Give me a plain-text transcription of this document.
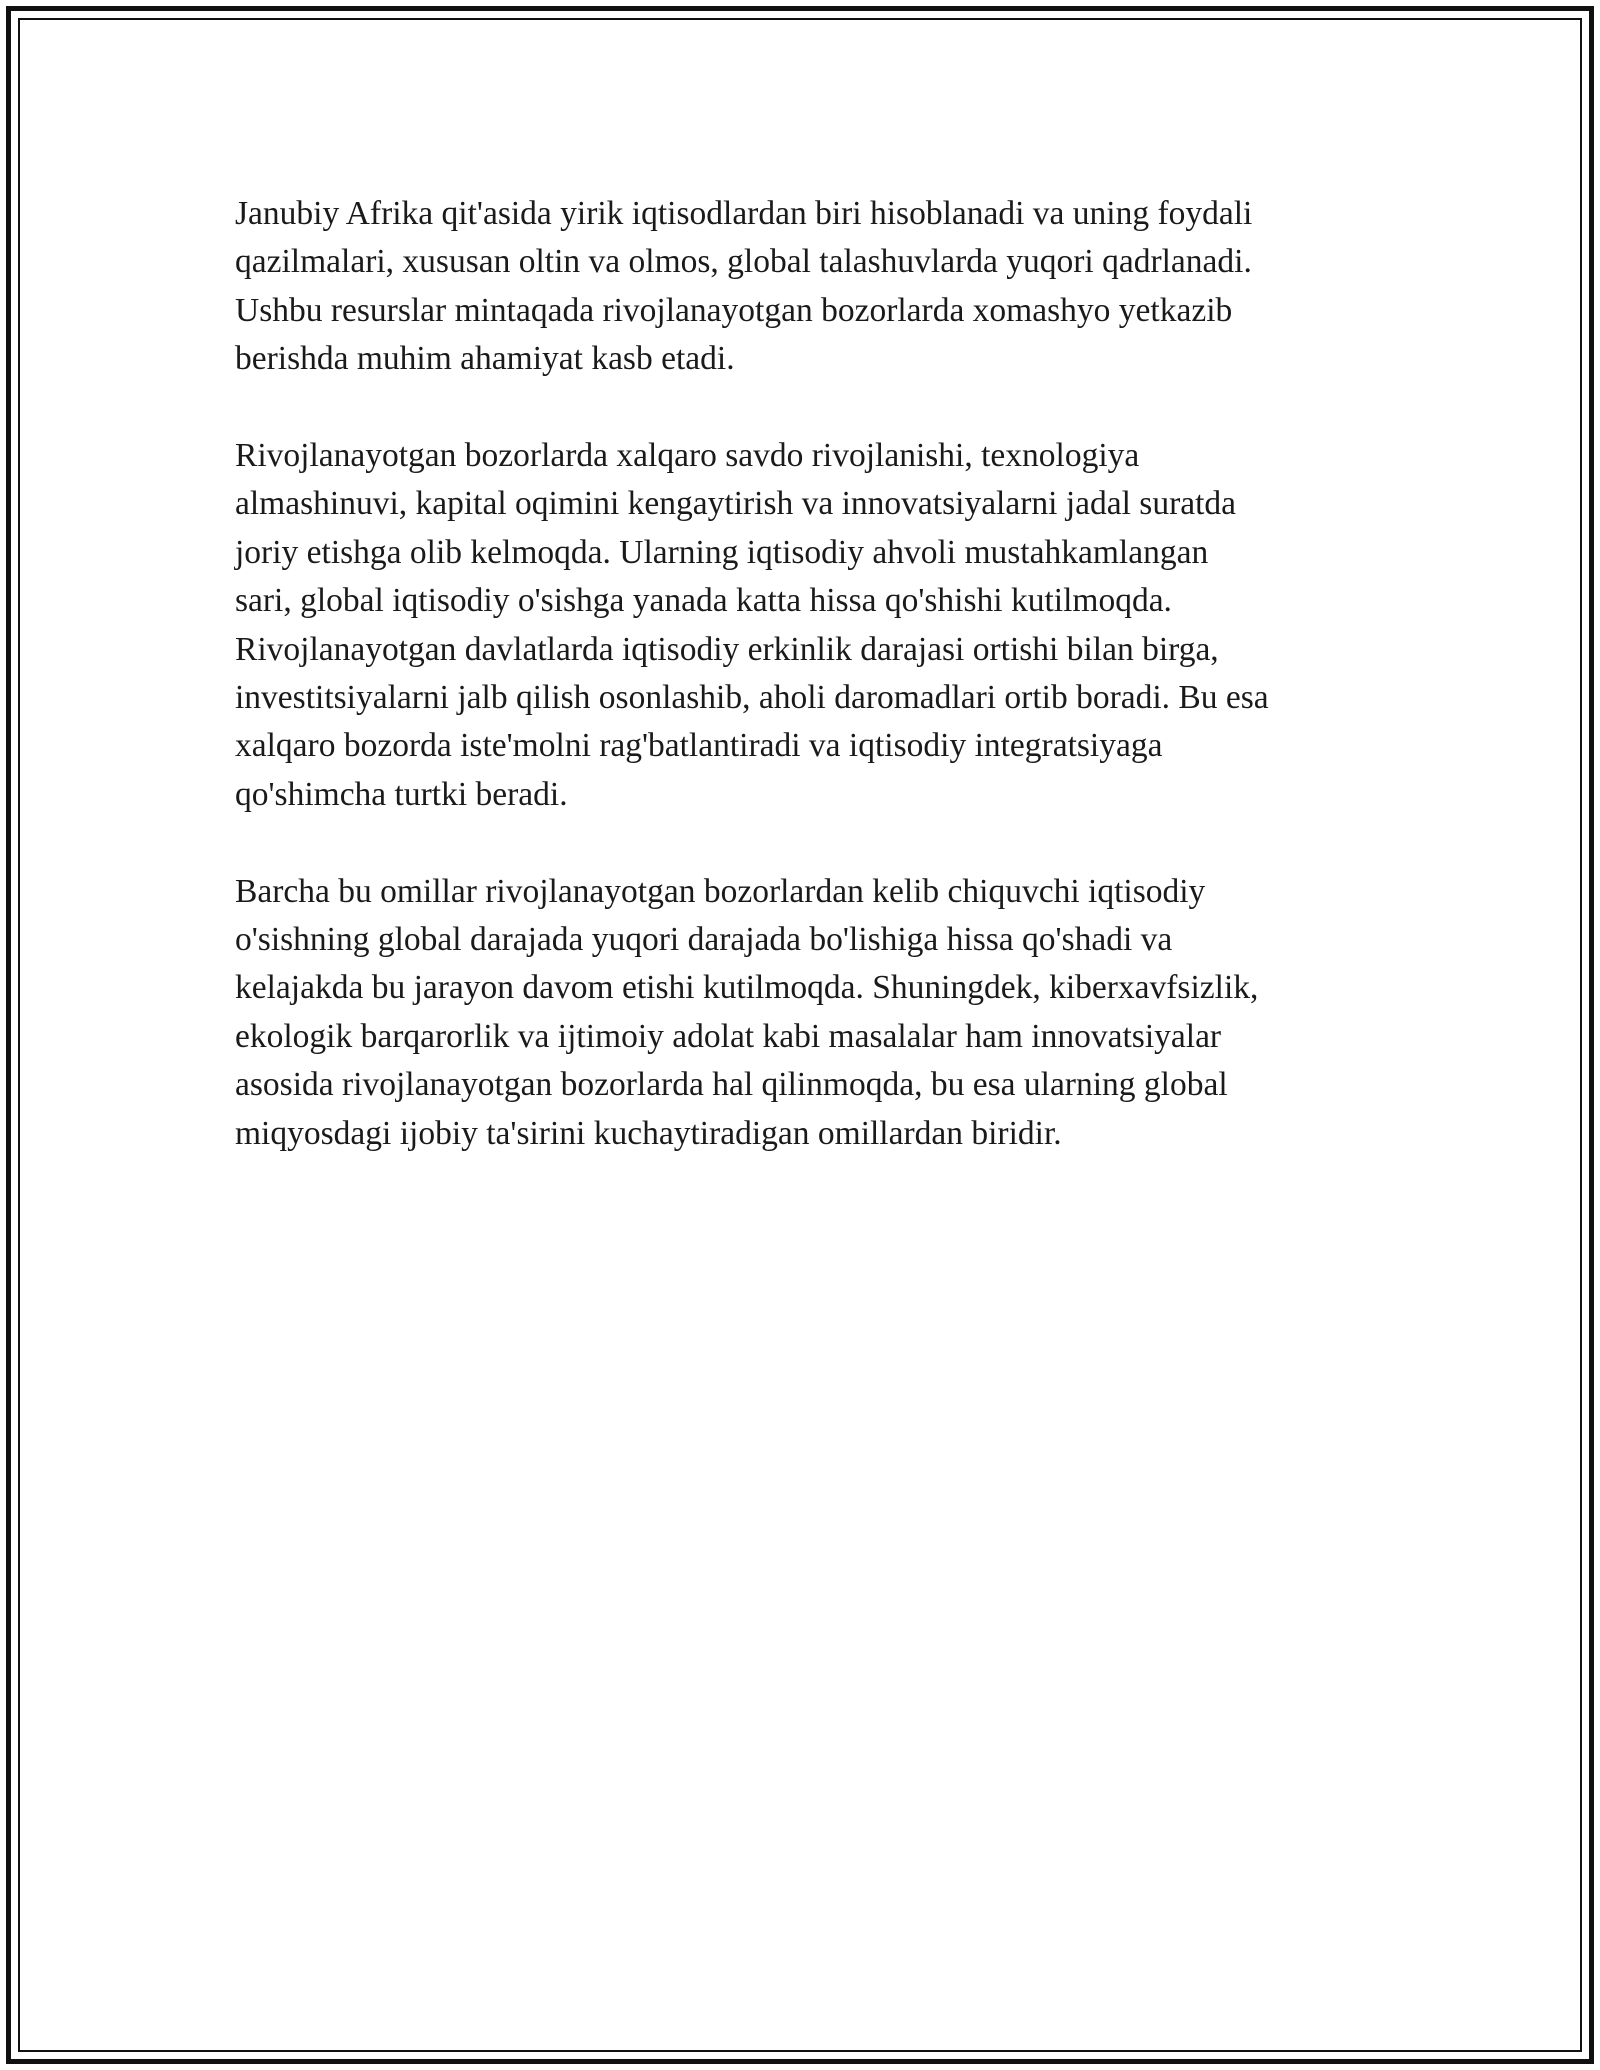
Janubiy Afrika qit'asida yirik iqtisodlardan biri hisoblanadi va uning foydali
qazilmalari, xususan oltin va olmos, global talashuvlarda yuqori qadrlanadi.
Ushbu resurslar mintaqada rivojlanayotgan bozorlarda xomashyo yetkazib
berishda muhim ahamiyat kasb etadi.

Rivojlanayotgan bozorlarda xalqaro savdo rivojlanishi, texnologiya
almashinuvi, kapital oqimini kengaytirish va innovatsiyalarni jadal suratda
joriy etishga olib kelmoqda. Ularning iqtisodiy ahvoli mustahkamlangan
sari, global iqtisodiy o'sishga yanada katta hissa qo'shishi kutilmoqda.
Rivojlanayotgan davlatlarda iqtisodiy erkinlik darajasi ortishi bilan birga,
investitsiyalarni jalb qilish osonlashib, aholi daromadlari ortib boradi. Bu esa
xalqaro bozorda iste'molni rag'batlantiradi va iqtisodiy integratsiyaga
qo'shimcha turtki beradi.

Barcha bu omillar rivojlanayotgan bozorlardan kelib chiquvchi iqtisodiy
o'sishning global darajada yuqori darajada bo'lishiga hissa qo'shadi va
kelajakda bu jarayon davom etishi kutilmoqda. Shuningdek, kiberxavfsizlik,
ekologik barqarorlik va ijtimoiy adolat kabi masalalar ham innovatsiyalar
asosida rivojlanayotgan bozorlarda hal qilinmoqda, bu esa ularning global
miqyosdagi ijobiy ta'sirini kuchaytiradigan omillardan biridir.
